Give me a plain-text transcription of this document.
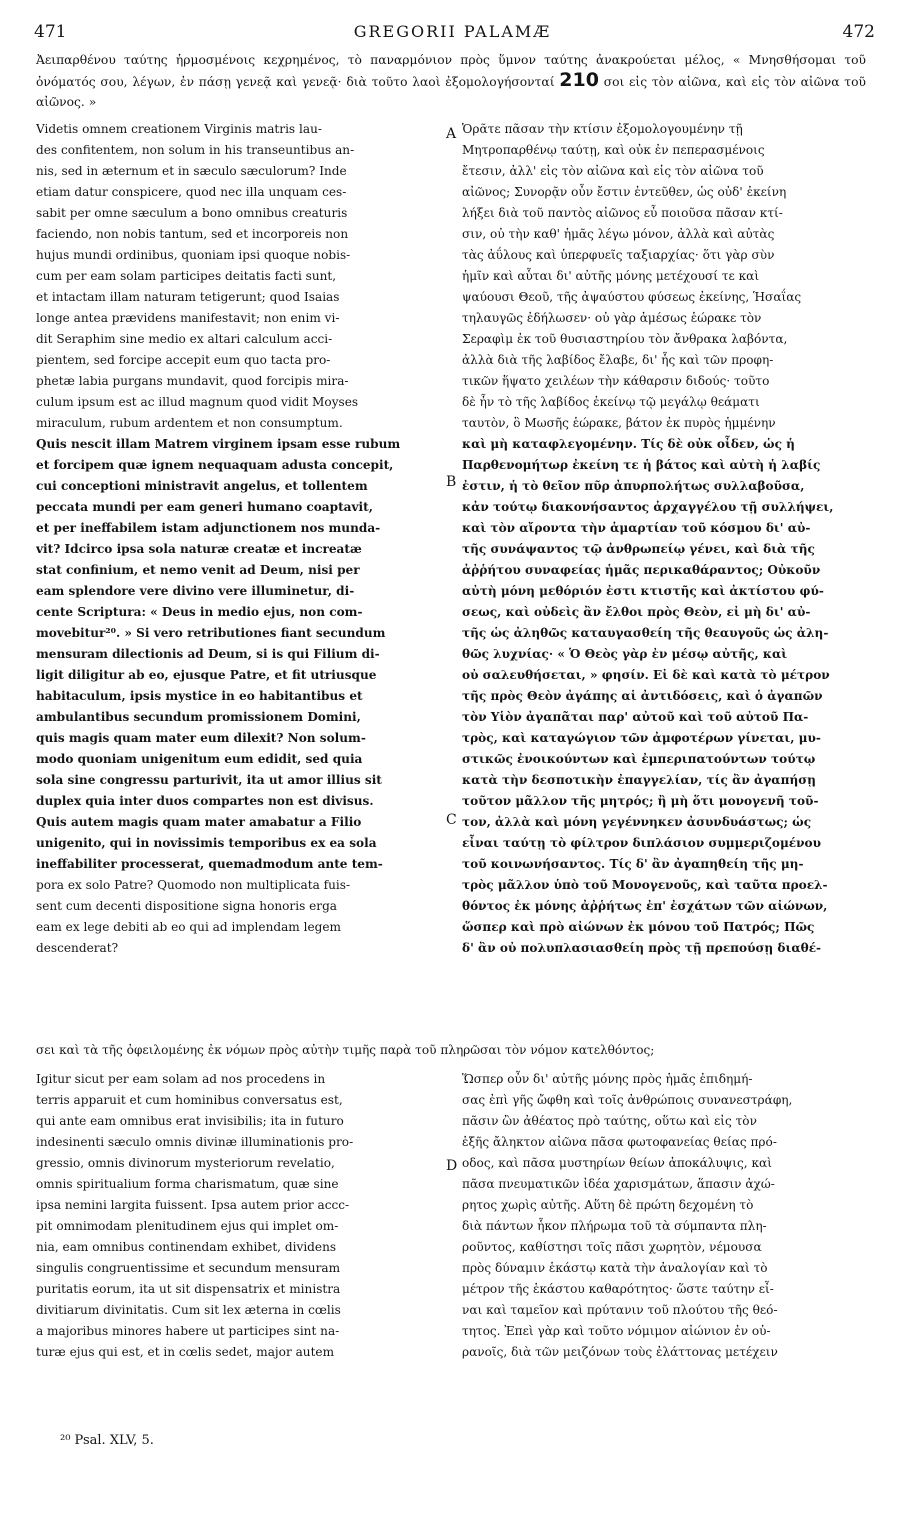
471	GREGORII PALAMÆ	472
Ἀειπαρθένου ταύτης ἡρμοσμένοις κεχρημένος, τὸ παναρμόνιον πρὸς ὕμνον ταύτης ἀνακρούεται μέλος, « Μνησθήσομαι τοῦ ὀνόματός σου, λέγων, ἐν πάσῃ γενεᾷ καὶ γενεᾷ· διὰ τοῦτο λαοὶ ἐξομολογήσονταί 210 σοι εἰς τὸν αἰῶνα, καὶ εἰς τὸν αἰῶνα τοῦ αἰῶνος. »
A
B
C
D
Videtis omnem creationem Virginis matris lau-
des confitentem, non solum in his transeuntibus an-
nis, sed in æternum et in sæculo sæculorum? Inde
etiam datur conspicere, quod nec illa unquam ces-
sabit per omne sæculum a bono omnibus creaturis
faciendo, non nobis tantum, sed et incorporeis non
hujus mundi ordinibus, quoniam ipsi quoque nobis-
cum per eam solam participes deitatis facti sunt,
et intactam illam naturam tetigerunt; quod Isaias
longe antea prævidens manifestavit; non enim vi-
dit Seraphim sine medio ex altari calculum acci-
pientem, sed forcipe accepit eum quo tacta pro-
phetæ labia purgans mundavit, quod forcipis mira-
culum ipsum est ac illud magnum quod vidit Moyses
miraculum, rubum ardentem et non consumptum.
Quis nescit illam Matrem virginem ipsam esse rubum
et forcipem quæ ignem nequaquam adusta concepit,
cui conceptioni ministravit angelus, et tollentem
peccata mundi per eam generi humano coaptavit,
et per ineffabilem istam adjunctionem nos munda-
vit? Idcirco ipsa sola naturæ creatæ et increatæ
stat confinium, et nemo venit ad Deum, nisi per
eam splendore vere divino vere illuminetur, di-
cente Scriptura: « Deus in medio ejus, non com-
movebitur²⁰. » Si vero retributiones fiant secundum
mensuram dilectionis ad Deum, si is qui Filium di-
ligit diligitur ab eo, ejusque Patre, et fit utriusque
habitaculum, ipsis mystice in eo habitantibus et
ambulantibus secundum promissionem Domini,
quis magis quam mater eum dilexit? Non solum-
modo quoniam unigenitum eum edidit, sed quia
sola sine congressu parturivit, ita ut amor illius sit
duplex quia inter duos compartes non est divisus.
Quis autem magis quam mater amabatur a Filio
unigenito, qui in novissimis temporibus ex ea sola
ineffabiliter processerat, quemadmodum ante tem-
pora ex solo Patre? Quomodo non multiplicata fuis-
sent cum decenti dispositione signa honoris erga
eam ex lege debiti ab eo qui ad implendam legem
descenderat?
Ὁρᾶτε πᾶσαν τὴν κτίσιν ἐξομολογουμένην τῇ
Μητροπαρθένῳ ταύτῃ, καὶ οὐκ ἐν πεπερασμένοις
ἔτεσιν, ἀλλ' εἰς τὸν αἰῶνα καὶ εἰς τὸν αἰῶνα τοῦ
αἰῶνος; Συνορᾷν οὖν ἔστιν ἐντεῦθεν, ὡς οὐδ' ἐκείνη
λήξει διὰ τοῦ παντὸς αἰῶνος εὖ ποιοῦσα πᾶσαν κτί-
σιν, οὐ τὴν καθ' ἡμᾶς λέγω μόνον, ἀλλὰ καὶ αὐτὰς
τὰς ἀΰλους καὶ ὑπερφυεῖς ταξιαρχίας· ὅτι γὰρ σὺν
ἡμῖν καὶ αὗται δι' αὐτῆς μόνης μετέχουσί τε καὶ
ψαύουσι Θεοῦ, τῆς ἀψαύστου φύσεως ἐκείνης, Ἡσαΐας
τηλαυγῶς ἐδήλωσεν· οὐ γὰρ ἀμέσως ἑώρακε τὸν
Σεραφὶμ ἐκ τοῦ θυσιαστηρίου τὸν ἄνθρακα λαβόντα,
ἀλλὰ διὰ τῆς λαβίδος ἔλαβε, δι' ἧς καὶ τῶν προφη-
τικῶν ἥψατο χειλέων τὴν κάθαρσιν διδούς· τοῦτο
δὲ ἦν τὸ τῆς λαβίδος ἐκείνῳ τῷ μεγάλῳ θεάματι
ταυτὸν, ὃ Μωσῆς ἑώρακε, βάτον ἐκ πυρὸς ἡμμένην
καὶ μὴ καταφλεγομένην. Τίς δὲ οὐκ οἶδεν, ὡς ἡ
Παρθενομήτωρ ἐκείνη τε ἡ βάτος καὶ αὐτὴ ἡ λαβίς
ἐστιν, ἡ τὸ θεῖον πῦρ ἀπυρπολήτως συλλαβοῦσα,
κἀν τούτῳ διακονήσαντος ἀρχαγγέλου τῇ συλλήψει,
καὶ τὸν αἴροντα τὴν ἁμαρτίαν τοῦ κόσμου δι' αὐ-
τῆς συνάψαντος τῷ ἀνθρωπείῳ γένει, καὶ διὰ τῆς
ἀῤῥήτου συναφείας ἡμᾶς περικαθάραντος; Οὐκοῦν
αὐτὴ μόνη μεθόριόν ἐστι κτιστῆς καὶ ἀκτίστου φύ-
σεως, καὶ οὐδεὶς ἂν ἔλθοι πρὸς Θεὸν, εἰ μὴ δι' αὐ-
τῆς ὡς ἀληθῶς καταυγασθείη τῆς θεαυγοῦς ὡς ἀλη-
θῶς λυχνίας· « Ὁ Θεὸς γὰρ ἐν μέσῳ αὐτῆς, καὶ
οὐ σαλευθήσεται, » φησίν. Εἰ δὲ καὶ κατὰ τὸ μέτρον
τῆς πρὸς Θεὸν ἀγάπης αἱ ἀντιδόσεις, καὶ ὁ ἀγαπῶν
τὸν Υἱὸν ἀγαπᾶται παρ' αὐτοῦ καὶ τοῦ αὐτοῦ Πα-
τρὸς, καὶ καταγώγιον τῶν ἀμφοτέρων γίνεται, μυ-
στικῶς ἐνοικούντων καὶ ἐμπεριπατούντων τούτῳ
κατὰ τὴν δεσποτικὴν ἐπαγγελίαν, τίς ἂν ἀγαπήσῃ
τοῦτον μᾶλλον τῆς μητρός; ἢ μὴ ὅτι μονογενῆ τοῦ-
τον, ἀλλὰ καὶ μόνη γεγέννηκεν ἀσυνδυάστως; ὡς
εἶναι ταύτῃ τὸ φίλτρον διπλάσιον συμμεριζομένου
τοῦ κοινωνήσαντος. Τίς δ' ἂν ἀγαπηθείη τῆς μη-
τρὸς μᾶλλον ὑπὸ τοῦ Μονογενοῦς, καὶ ταῦτα προελ-
θόντος ἐκ μόνης ἀῤῥήτως ἐπ' ἐσχάτων τῶν αἰώνων,
ὥσπερ καὶ πρὸ αἰώνων ἐκ μόνου τοῦ Πατρός; Πῶς
δ' ἂν οὐ πολυπλασιασθείη πρὸς τῇ πρεπούσῃ διαθέ-
σει καὶ τὰ τῆς ὀφειλομένης ἐκ νόμων πρὸς αὐτὴν τιμῆς παρὰ τοῦ πληρῶσαι τὸν νόμον κατελθόντος;
Igitur sicut per eam solam ad nos procedens in
terris apparuit et cum hominibus conversatus est,
qui ante eam omnibus erat invisibilis; ita in futuro
indesinenti sæculo omnis divinæ illuminationis pro-
gressio, omnis divinorum mysteriorum revelatio,
omnis spiritualium forma charismatum, quæ sine
ipsa nemini largita fuissent. Ipsa autem prior accc-
pit omnimodam plenitudinem ejus qui implet om-
nia, eam omnibus continendam exhibet, dividens
singulis congruentissime et secundum mensuram
puritatis eorum, ita ut sit dispensatrix et ministra
divitiarum divinitatis. Cum sit lex æterna in cœlis
a majoribus minores habere ut participes sint na-
turæ ejus qui est, et in cœlis sedet, major autem
Ὥσπερ οὖν δι' αὐτῆς μόνης πρὸς ἡμᾶς ἐπιδημή-
σας ἐπὶ γῆς ὤφθη καὶ τοῖς ἀνθρώποις συνανεστράφη,
πᾶσιν ὢν ἀθέατος πρὸ ταύτης, οὕτω καὶ εἰς τὸν
ἑξῆς ἄληκτον αἰῶνα πᾶσα φωτοφανείας θείας πρό-
οδος, καὶ πᾶσα μυστηρίων θείων ἀποκάλυψις, καὶ
πᾶσα πνευματικῶν ἰδέα χαρισμάτων, ἅπασιν ἀχώ-
ρητος χωρὶς αὐτῆς. Αὕτη δὲ πρώτη δεχομένη τὸ
διὰ πάντων ἧκον πλήρωμα τοῦ τὰ σύμπαντα πλη-
ροῦντος, καθίστησι τοῖς πᾶσι χωρητὸν, νέμουσα
πρὸς δύναμιν ἑκάστῳ κατὰ τὴν ἀναλογίαν καὶ τὸ
μέτρον τῆς ἑκάστου καθαρότητος· ὥστε ταύτην εἶ-
ναι καὶ ταμεῖον καὶ πρύτανιν τοῦ πλούτου τῆς θεό-
τητος. Ἐπεὶ γὰρ καὶ τοῦτο νόμιμον αἰώνιον ἐν οὐ-
ρανοῖς, διὰ τῶν μειζόνων τοὺς ἐλάττονας μετέχειν
²⁰ Psal. XLV, 5.
